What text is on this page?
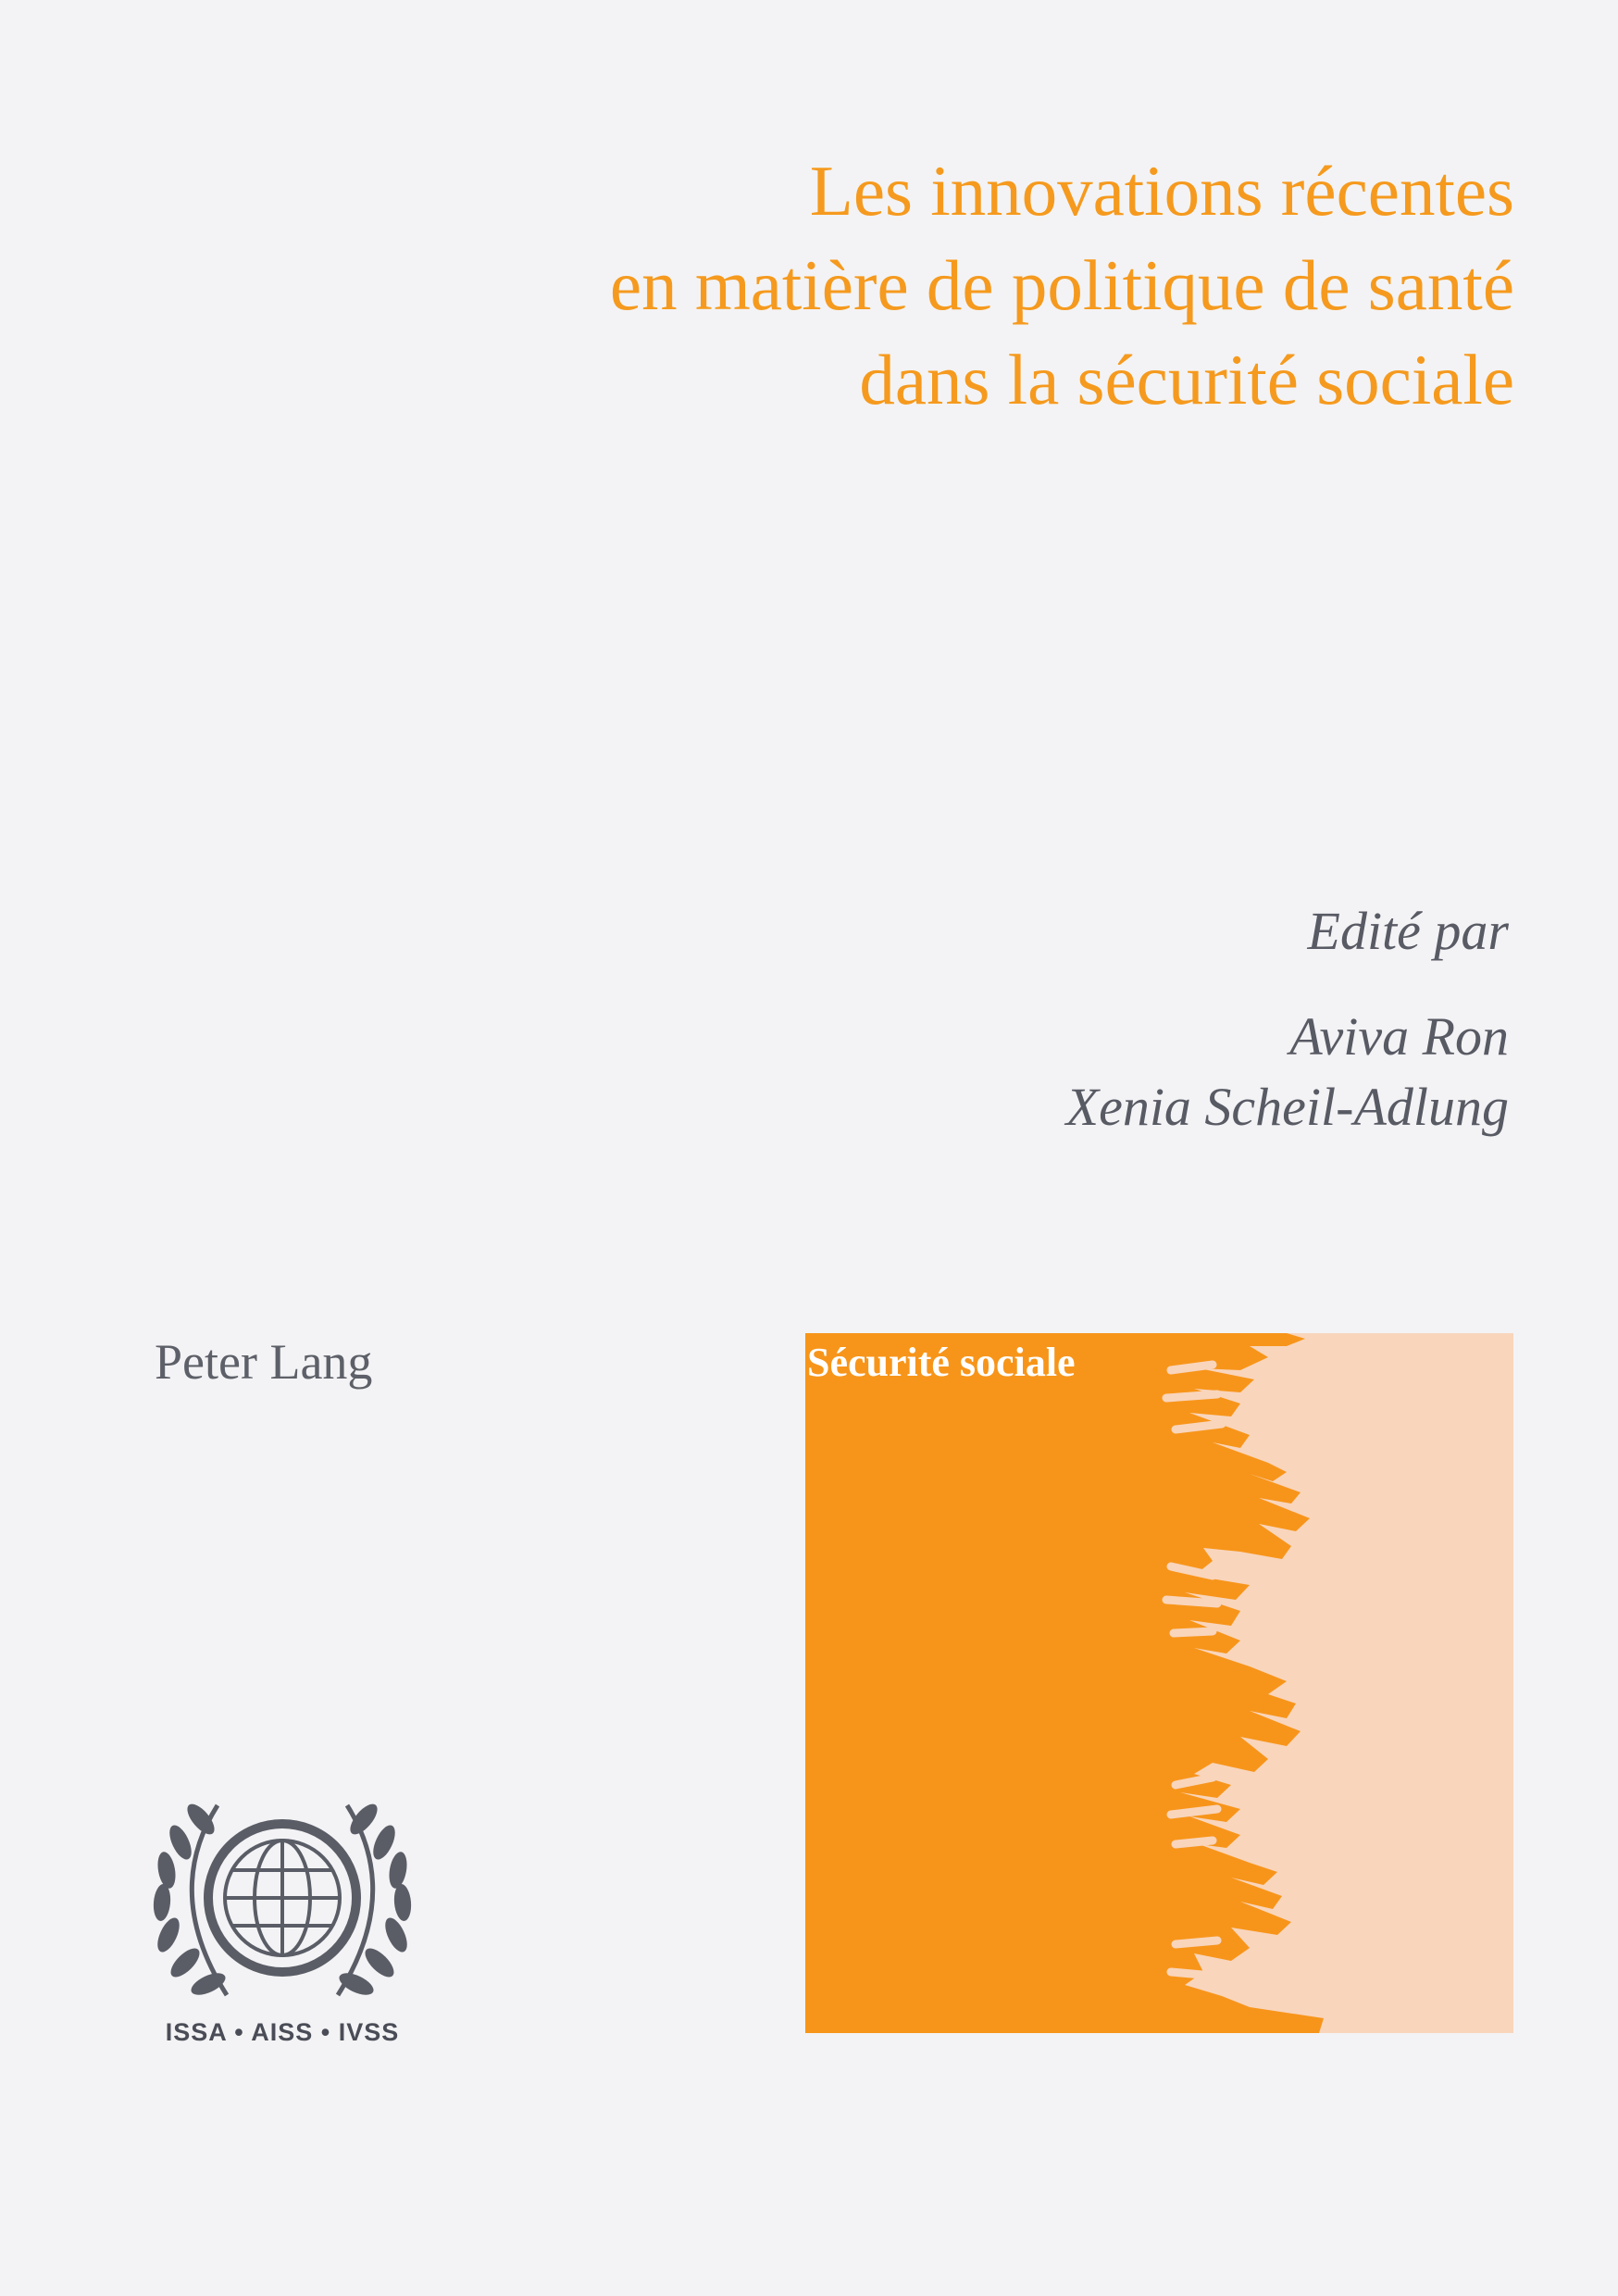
Les innovations récentes
en matière de politique de santé
dans la sécurité sociale
Edité par
Aviva Ron
Xenia Scheil-Adlung
Peter Lang	Sécurité sociale
ISSA • AISS • IVSS
